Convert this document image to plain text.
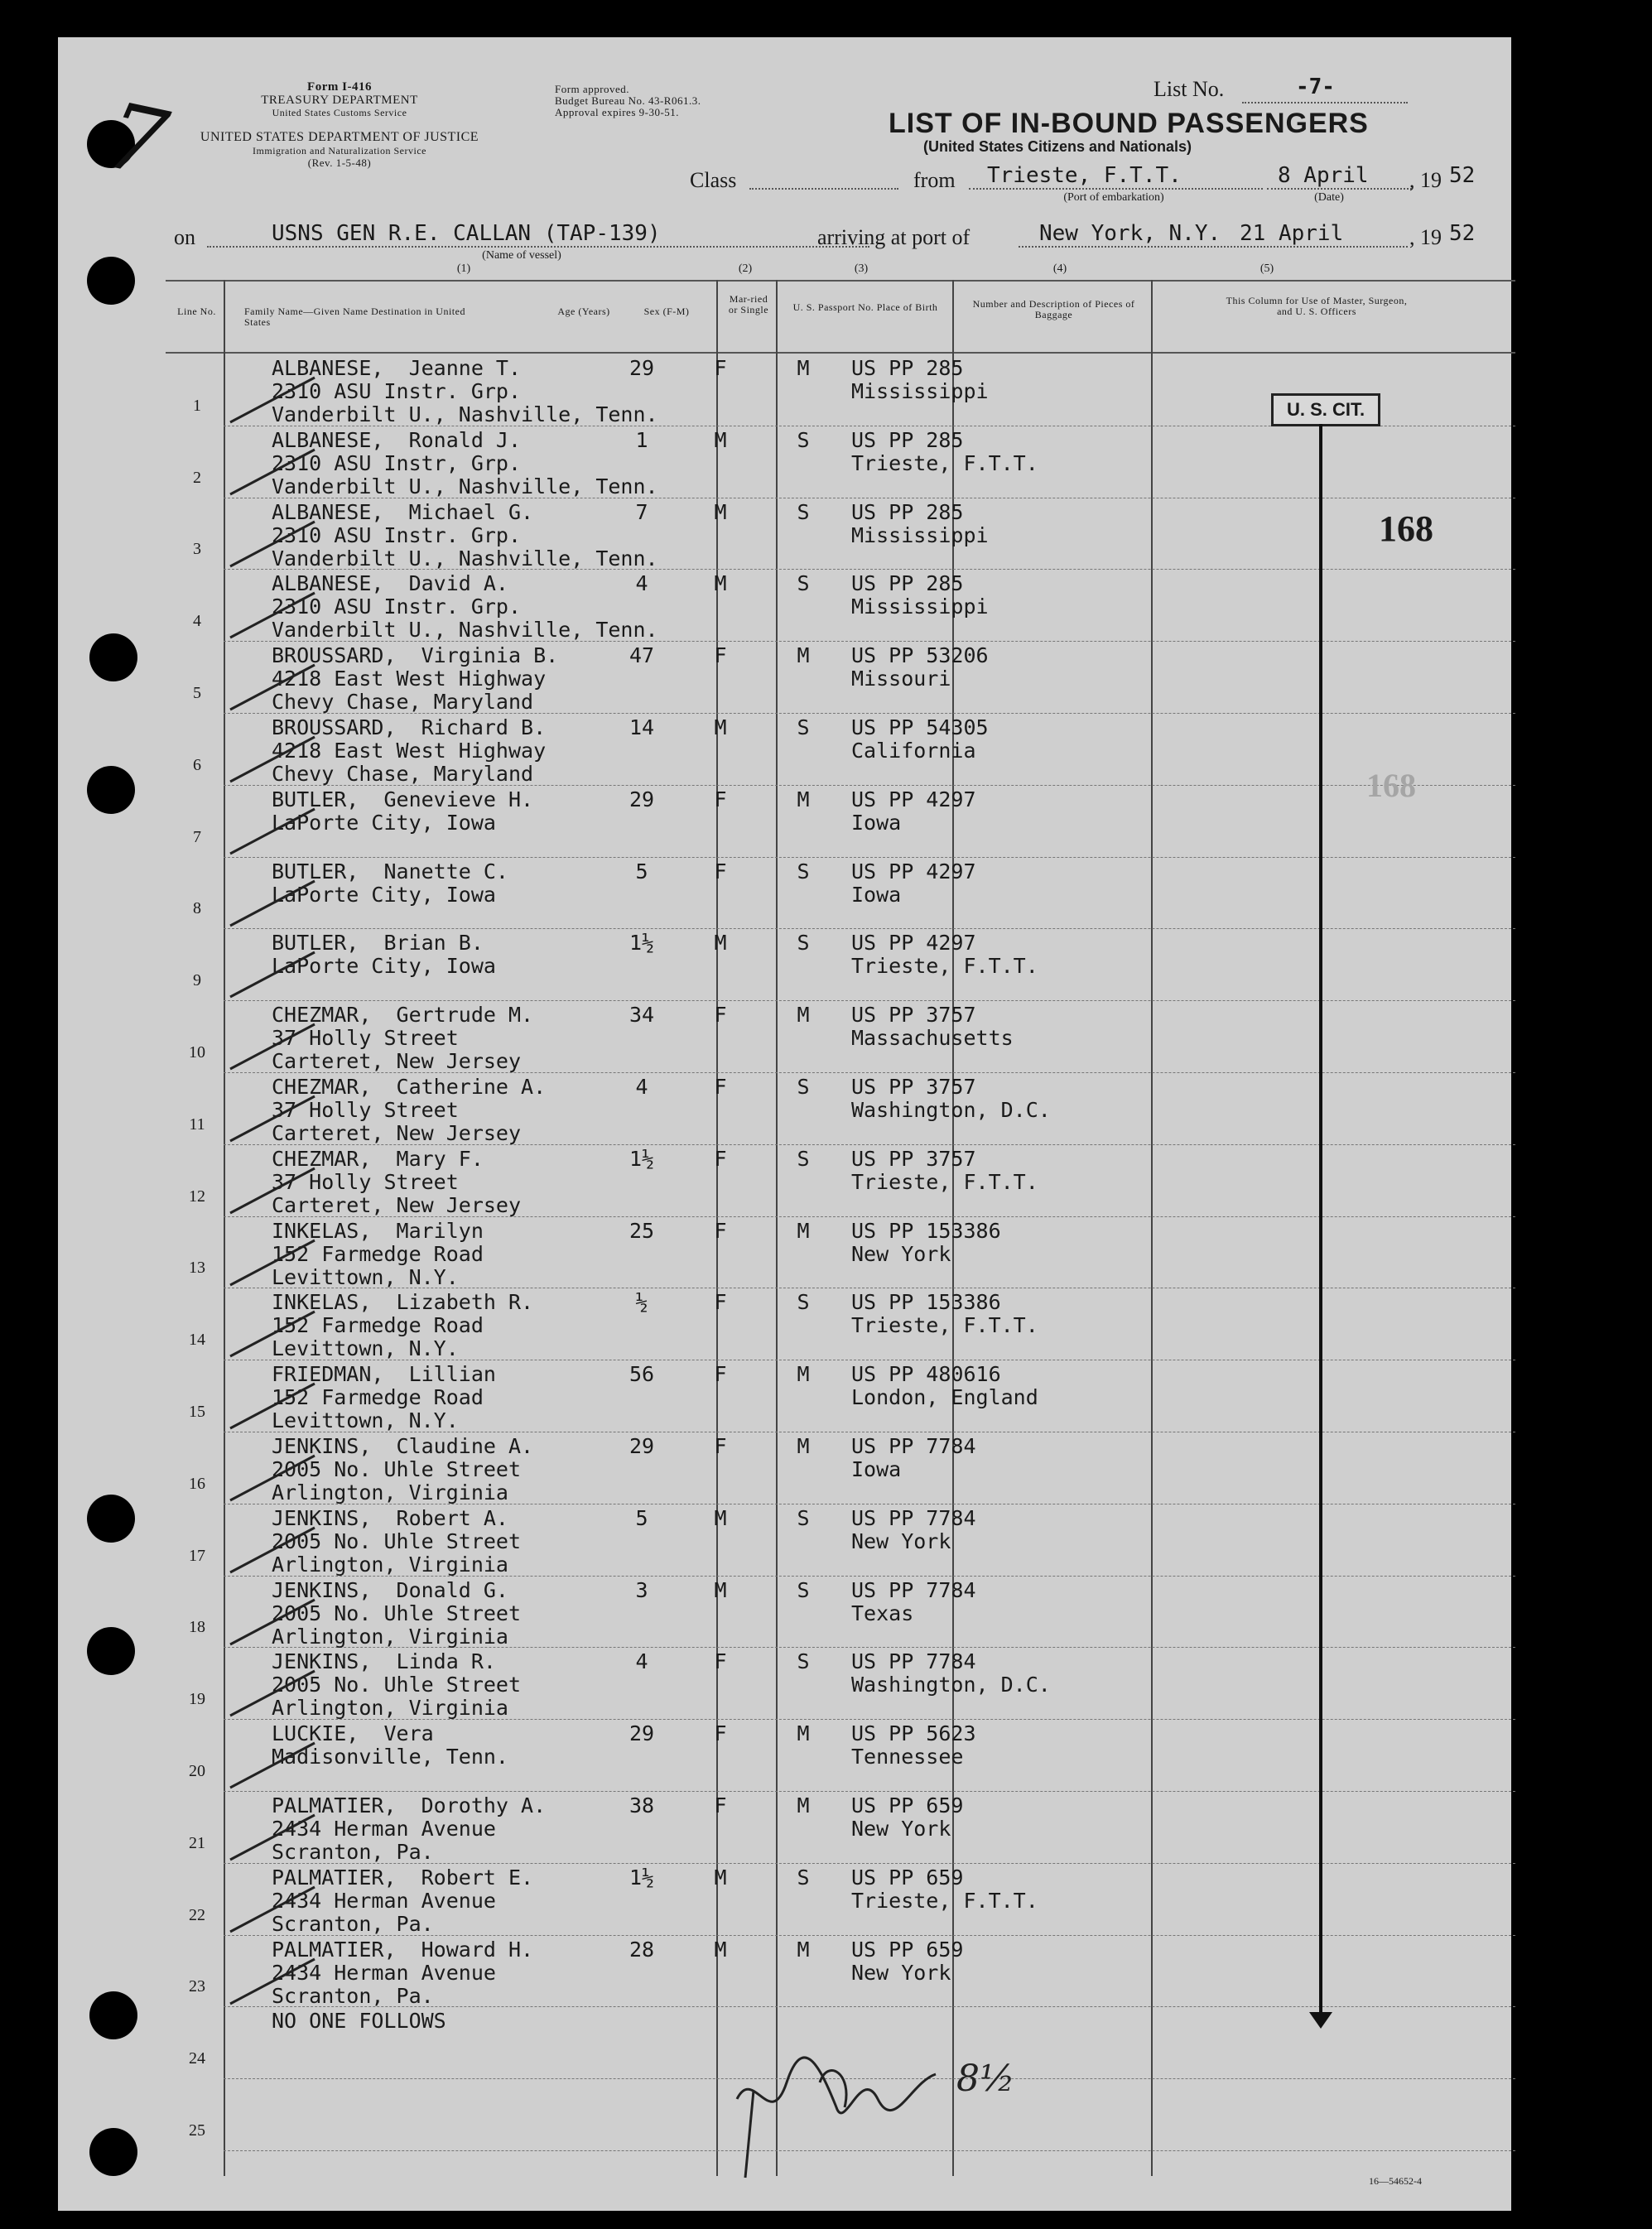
7	Form I-416
TREASURY DEPARTMENT
United States Customs Service
UNITED STATES DEPARTMENT OF JUSTICE
Immigration and Naturalization Service
(Rev. 1-5-48)
Form approved.
Budget Bureau No. 43-R061.3.
Approval expires 9-30-51.
List No.	-7-
LIST OF IN-BOUND PASSENGERS
(United States Citizens and Nationals)
Class	from Trieste, F.T.T.
(Port of embarkation)
8 April
(Date)
, 19 52
on	USNS GEN R.E. CALLAN (TAP-139)
(Name of vessel)
arriving at port of	New York, N.Y. 21 April	, 19 52
(1)	(2)	(3)	(4)	(5)
Line No.	Family Name—Given Name Destination in United States
Age (Years)	Sex (F-M)
Mar-ried or Single	U. S. Passport No. Place of Birth	Number and Description of Pieces of Baggage
This Column for Use of Master, Surgeon, and U. S. Officers
1
ALBANESE,  Jeanne T.
2310 ASU Instr. Grp.
Vanderbilt U., Nashville, Tenn.
29	F	M	US PP 285
Mississippi
2
ALBANESE,  Ronald J.
2310 ASU Instr, Grp.
Vanderbilt U., Nashville, Tenn.
1	M	S	US PP 285
Trieste, F.T.T.
3
ALBANESE,  Michael G.
2310 ASU Instr. Grp.
Vanderbilt U., Nashville, Tenn.
7	M	S	US PP 285
Mississippi
4
ALBANESE,  David A.
2310 ASU Instr. Grp.
Vanderbilt U., Nashville, Tenn.
4	M	S	US PP 285
Mississippi
5
BROUSSARD,  Virginia B.
4218 East West Highway
Chevy Chase, Maryland
47	F	M	US PP 53206
Missouri
6
BROUSSARD,  Richard B.
4218 East West Highway
Chevy Chase, Maryland
14	M	S	US PP 54305
California
7
BUTLER,  Genevieve H.
LaPorte City, Iowa
29	F	M	US PP 4297
Iowa
8
BUTLER,  Nanette C.
LaPorte City, Iowa
5	F	S	US PP 4297
Iowa
9
BUTLER,  Brian B.
LaPorte City, Iowa
1½	M	S	US PP 4297
Trieste, F.T.T.
10
CHEZMAR,  Gertrude M.
37 Holly Street
Carteret, New Jersey
34	F	M	US PP 3757
Massachusetts
11
CHEZMAR,  Catherine A.
37 Holly Street
Carteret, New Jersey
4	F	S	US PP 3757
Washington, D.C.
12
CHEZMAR,  Mary F.
37 Holly Street
Carteret, New Jersey
1½	F	S	US PP 3757
Trieste, F.T.T.
13
INKELAS,  Marilyn
152 Farmedge Road
Levittown, N.Y.
25	F	M	US PP 153386
New York
14
INKELAS,  Lizabeth R.
152 Farmedge Road
Levittown, N.Y.
½	F	S	US PP 153386
Trieste, F.T.T.
15
FRIEDMAN,  Lillian
152 Farmedge Road
Levittown, N.Y.
56	F	M	US PP 480616
London, England
16
JENKINS,  Claudine A.
2005 No. Uhle Street
Arlington, Virginia
29	F	M	US PP 7784
Iowa
17
JENKINS,  Robert A.
2005 No. Uhle Street
Arlington, Virginia
5	M	S	US PP 7784
New York
18
JENKINS,  Donald G.
2005 No. Uhle Street
Arlington, Virginia
3	M	S	US PP 7784
Texas
19
JENKINS,  Linda R.
2005 No. Uhle Street
Arlington, Virginia
4	F	S	US PP 7784
Washington, D.C.
20
LUCKIE,  Vera
Madisonville, Tenn.
29	F	M	US PP 5623
Tennessee
21
PALMATIER,  Dorothy A.
2434 Herman Avenue
Scranton, Pa.
38	F	M	US PP 659
New York
22
PALMATIER,  Robert E.
2434 Herman Avenue
Scranton, Pa.
1½	M	S	US PP 659
Trieste, F.T.T.
23
PALMATIER,  Howard H.
2434 Herman Avenue
Scranton, Pa.
28	M	M	US PP 659
New York
24
NO ONE FOLLOWS
25
U. S. CIT.
168
168
8½
16—54652-4
